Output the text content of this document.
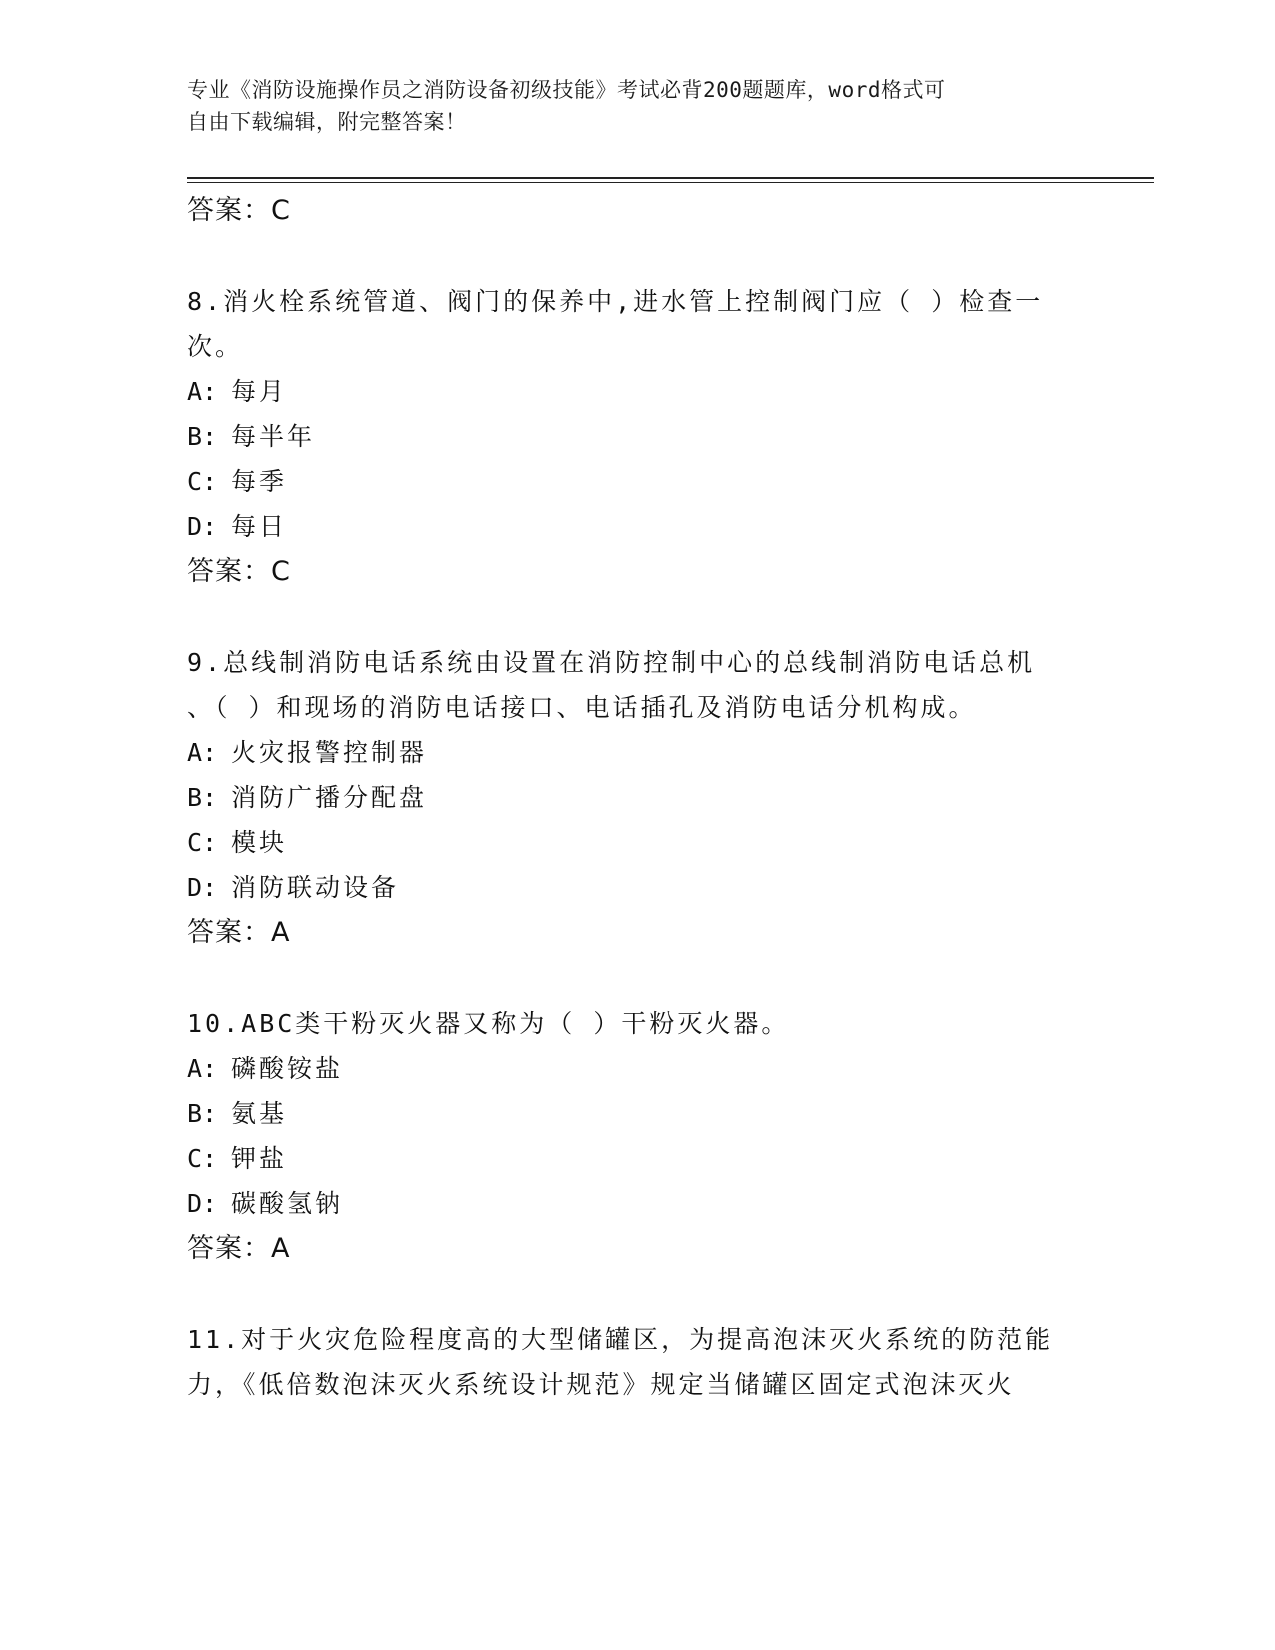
专业《消防设施操作员之消防设备初级技能》考试必背200题题库，word格式可
自由下载编辑，附完整答案！
答案：C
8.消火栓系统管道、阀门的保养中,进水管上控制阀门应（ ）检查一
次。
A: 每月
B: 每半年
C: 每季
D: 每日
答案：C
9.总线制消防电话系统由设置在消防控制中心的总线制消防电话总机
、（ ）和现场的消防电话接口、电话插孔及消防电话分机构成。
A: 火灾报警控制器
B: 消防广播分配盘
C: 模块
D: 消防联动设备
答案：A
10.ABC类干粉灭火器又称为（ ）干粉灭火器。
A: 磷酸铵盐
B: 氨基
C: 钾盐
D: 碳酸氢钠
答案：A
11.对于火灾危险程度高的大型储罐区，为提高泡沫灭火系统的防范能
力，《低倍数泡沫灭火系统设计规范》规定当储罐区固定式泡沫灭火
